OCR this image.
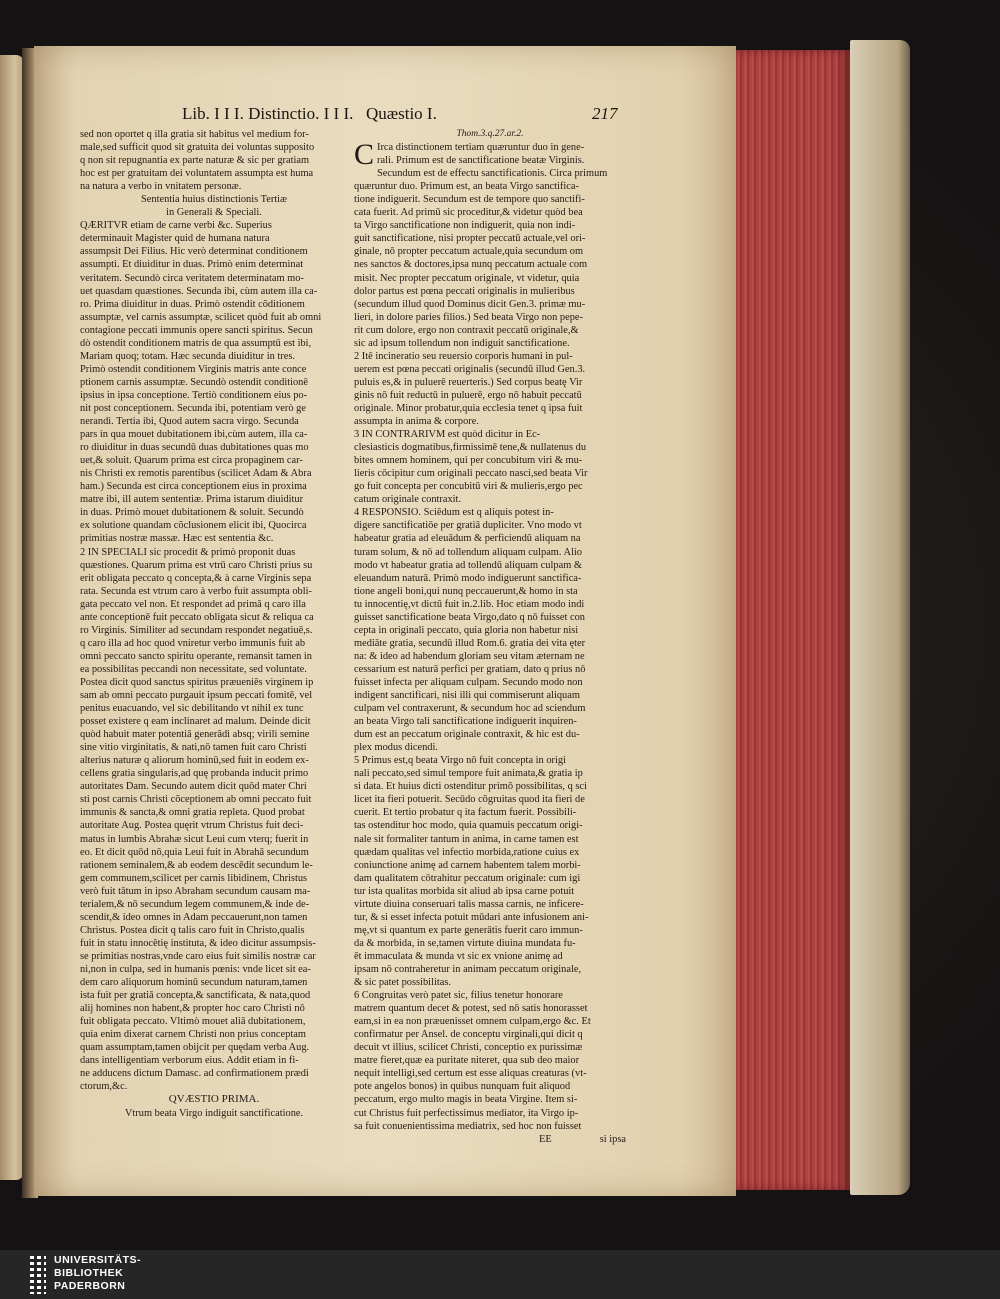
Lib. I I I. Distinctio. I I I. Quæstio I.	217

sed non oportet q illa gratia sit habitus vel medium for-

male,sed sufficit quod sit gratuita dei voluntas supposito

q non sit repugnantia ex parte naturæ & sic per gratiam

hoc est per gratuitam dei voluntatem assumpta est huma

na natura a verbo in vnitatem personæ.

Sententia huius distinctionis Tertiæ

in Generali & Speciali.

QÆRITVR etiam de carne verbi &c. Superius

determinauit Magister quid de humana natura

assumpsit Dei Filius. Hic verò determinat conditionem

assumpti. Et diuiditur in duas. Primò enim determinat

veritatem. Secundò circa veritatem determinatam mo-

uet quasdam quæstiones. Secunda ibi, cùm autem illa ca-

ro. Prima diuiditur in duas. Primò ostendit cõditionem

assumptæ, vel carnis assumptæ, scilicet quòd fuit ab omni

contagione peccati immunis opere sancti spiritus. Secun

dò ostendit conditionem matris de qua assumptū est ibi,

Mariam quoq; totam. Hæc secunda diuiditur in tres.

Primò ostendit conditionem Virginis matris ante conce

ptionem carnis assumptæ. Secundò ostendit conditionē

ipsius in ipsa conceptione. Tertiò conditionem eius po-

nit post conceptionem. Secunda ibi, potentiam verò ge

nerandi. Tertia ibi, Quod autem sacra virgo. Secunda

pars in qua mouet dubitationem ibi,cùm autem, illa ca-

ro diuiditur in duas secundū duas dubitationes quas mo

uet,& soluit. Quarum prima est circa propaginem car-

nis Christi ex remotis parentibus (scilicet Adam & Abra

ham.) Secunda est circa conceptionem eius in proxima

matre ibi, ill autem sententiæ. Prima istarum diuiditur

in duas. Primò mouet dubitationem & soluit. Secundò

ex solutione quandam cõclusionem elicit ibi, Quocirca

primitias nostræ massæ. Hæc est sententia &c.

2 IN SPECIALI sic procedit & primò proponit duas

quæstiones. Quarum prima est vtrū caro Christi prius su

erit obligata peccato q concepta,& à carne Virginis sepa

rata. Secunda est vtrum caro à verbo fuit assumpta obli-

gata peccato vel non. Et respondet ad primā q caro illa

ante conceptionē fuit peccato obligata sicut & reliqua ca

ro Virginis. Similiter ad secundam respondet negatiuē,s.

q caro illa ad hoc quod vniretur verbo immunis fuit ab

omni peccato sancto spiritu operante, remansit tamen in

ea possibilitas peccandi non necessitate, sed voluntate.

Postea dicit quod sanctus spiritus præueniēs virginem ip

sam ab omni peccato purgauit ipsum peccati fomitē, vel

penitus euacuando, vel sic debilitando vt nihil ex tunc

posset existere q eam inclinaret ad malum. Deinde dicit

quòd habuit mater potentiā generādi absq; virili semine

sine vitio virginitatis, & nati,nō tamen fuit caro Christi

alterius naturæ q aliorum hominū,sed fuit in eodem ex-

cellens gratia singularis,ad quę probanda inducit primo

autoritates Dam. Secundo autem dicit quōd mater Chri

sti post carnis Christi cõceptionem ab omni peccato fuit

immunis & sancta,& omni gratia repleta. Quod probat

autoritate Aug. Postea quęrit vtrum Christus fuit deci-

matus in lumbis Abrahæ sicut Leui cum vterq; fuerit in

eo. Et dicit quōd nō,quia Leui fuit in Abrahā secundum

rationem seminalem,& ab eodem descēdit secundum le-

gem communem,scilicet per carnis libidinem, Christus

verò fuit tātum in ipso Abraham secundum causam ma-

terialem,& nō secundum legem communem,& inde de-

scendit,& ideo omnes in Adam peccauerunt,non tamen

Christus. Postea dicit q talis caro fuit in Christo,qualis

fuit in statu innocētię instituta, & ideo dicitur assumpsis-

se primitias nostras,vnde caro eius fuit similis nostræ car

ni,non in culpa, sed in humanis pœnis: vnde licet sit ea-

dem caro aliquorum hominū secundum naturam,tamen

ista fuit per gratiā concepta,& sanctificata, & nata,quod

alij homines non habent,& propter hoc caro Christi nō

fuit obligata peccato. Vltimò mouet aliā dubitationem,

quia enim dixerat carnem Christi non prius conceptam

quam assumptam,tamen obijcit per quędam verba Aug.

dans intelligentiam verborum eius. Addit etiam in fi-

ne adducens dictum Damasc. ad confirmationem prædi

ctorum,&c.

QVÆSTIO PRIMA.

Vtrum beata Virgo indiguit sanctificatione.

Thom.3.q.27.ar.2.

C Irca distinctionem tertiam quæruntur duo in gene-

rali. Primum est de sanctificatione beatæ Virginis.

Secundum est de effectu sanctificationis. Circa primum

quæruntur duo. Primum est, an beata Virgo sanctifica-

tione indiguerit. Secundum est de tempore quo sanctifi-

cata fuerit. Ad primū sic proceditur,& videtur quòd bea

ta Virgo sanctificatione non indiguerit, quia non indi-

guit sanctificatione, nisi propter peccatū actuale,vel ori-

ginale, nō propter peccatum actuale,quia secundum om

nes sanctos & doctores,ipsa nunq peccatum actuale com

misit. Nec propter peccatum originale, vt videtur, quia

dolor partus est pœna peccati originalis in mulieribus

(secundum illud quod Dominus dicit Gen.3. primæ mu-

lieri, in dolore paries filios.) Sed beata Virgo non pepe-

rit cum dolore, ergo non contraxit peccatū originale,&

sic ad ipsum tollendum non indiguit sanctificatione.

2 Itē incineratio seu reuersio corporis humani in pul-

uerem est pœna peccati originalis (secundū illud Gen.3.

puluis es,& in puluerē reuerteris.) Sed corpus beatę Vir

ginis nō fuit reductū in puluerē, ergo nō habuit peccatū

originale. Minor probatur,quia ecclesia tenet q ipsa fuit

assumpta in anima & corpore.

3 IN CONTRARIVM est quòd dicitur in Ec-

clesiasticis dogmatibus,firmissimē tene,& nullatenus du

bites omnem hominem, qui per concubitum viri & mu-

lieris cōcipitur cum originali peccato nasci,sed beata Vir

go fuit concepta per concubitū viri & mulieris,ergo pec

catum originale contraxit.

4 RESPONSIO. Sciēdum est q aliquis potest in-

digere sanctificatiōe per gratiā dupliciter. Vno modo vt

habeatur gratia ad eleuādum & perficiendū aliquam na

turam solum, & nō ad tollendum aliquam culpam. Alio

modo vt habeatur gratia ad tollendū aliquam culpam &

eleuandum naturā. Primò modo indiguerunt sanctifica-

tione angeli boni,qui nunq peccauerunt,& homo in sta

tu innocentię,vt dictū fuit in.2.lib. Hoc etiam modo indi

guisset sanctificatione beata Virgo,dato q nō fuisset con

cepta in originali peccato, quia gloria non habetur nisi

mediāte gratia, secundū illud Rom.6. gratia dei vita ęter

na: & ideo ad habendum gloriam seu vitam æternam ne

cessarium est naturā perfici per gratiam, dato q prius nō

fuisset infecta per aliquam culpam. Secundo modo non

indigent sanctificari, nisi illi qui commiserunt aliquam

culpam vel contraxerunt, & secundum hoc ad sciendum

an beata Virgo tali sanctificatione indiguerit inquiren-

dum est an peccatum originale contraxit, & hic est du-

plex modus dicendi.

5 Primus est,q beata Virgo nō fuit concepta in origi

nali peccato,sed simul tempore fuit animata,& gratia ip

si data. Et huius dicti ostenditur primō possibilitas, q sci

licet ita fieri potuerit. Secūdo cōgruitas quod ita fieri de

cuerit. Et tertio probatur q ita factum fuerit. Possibili-

tas ostenditur hoc modo, quia quamuis peccatum origi-

nale sit formaliter tantum in anima, in carne tamen est

quædam qualitas vel infectio morbida,ratione cuius ex

coniunctione animę ad carnem habentem talem morbi-

dam qualitatem cōtrahitur peccatum originale: cum igi

tur ista qualitas morbida sit aliud ab ipsa carne potuit

virtute diuina conseruari talis massa carnis, ne inficere-

tur, & si esset infecta potuit mūdari ante infusionem ani-

mę,vt si quantum ex parte generātis fuerit caro immun-

da & morbida, in se,tamen virtute diuina mundata fu-

ēt immaculata & munda vt sic ex vnione animę ad

ipsam nō contraheretur in animam peccatum originale,

& sic patet possibilitas.

6 Congruitas verò patet sic, filius tenetur honorare

matrem quantum decet & potest, sed nō satis honorasset

eam,si in ea non præuenisset omnem culpam,ergo &c. Et

confirmatur per Ansel. de conceptu virginali,qui dicit q

decuit vt illius, scilicet Christi, conceptio ex purissimæ

matre fieret,quæ ea puritate niteret, qua sub deo maior

nequit intelligi,sed certum est esse aliquas creaturas (vt-

pote angelos bonos) in quibus nunquam fuit aliquod

peccatum, ergo multo magis in beata Virgine. Item si-

cut Christus fuit perfectissimus mediator, ita Virgo ip-

sa fuit conuenientissima mediatrix, sed hoc non fuisset

EE	si ipsa

UNIVERSITÄTS-
BIBLIOTHEK
PADERBORN
